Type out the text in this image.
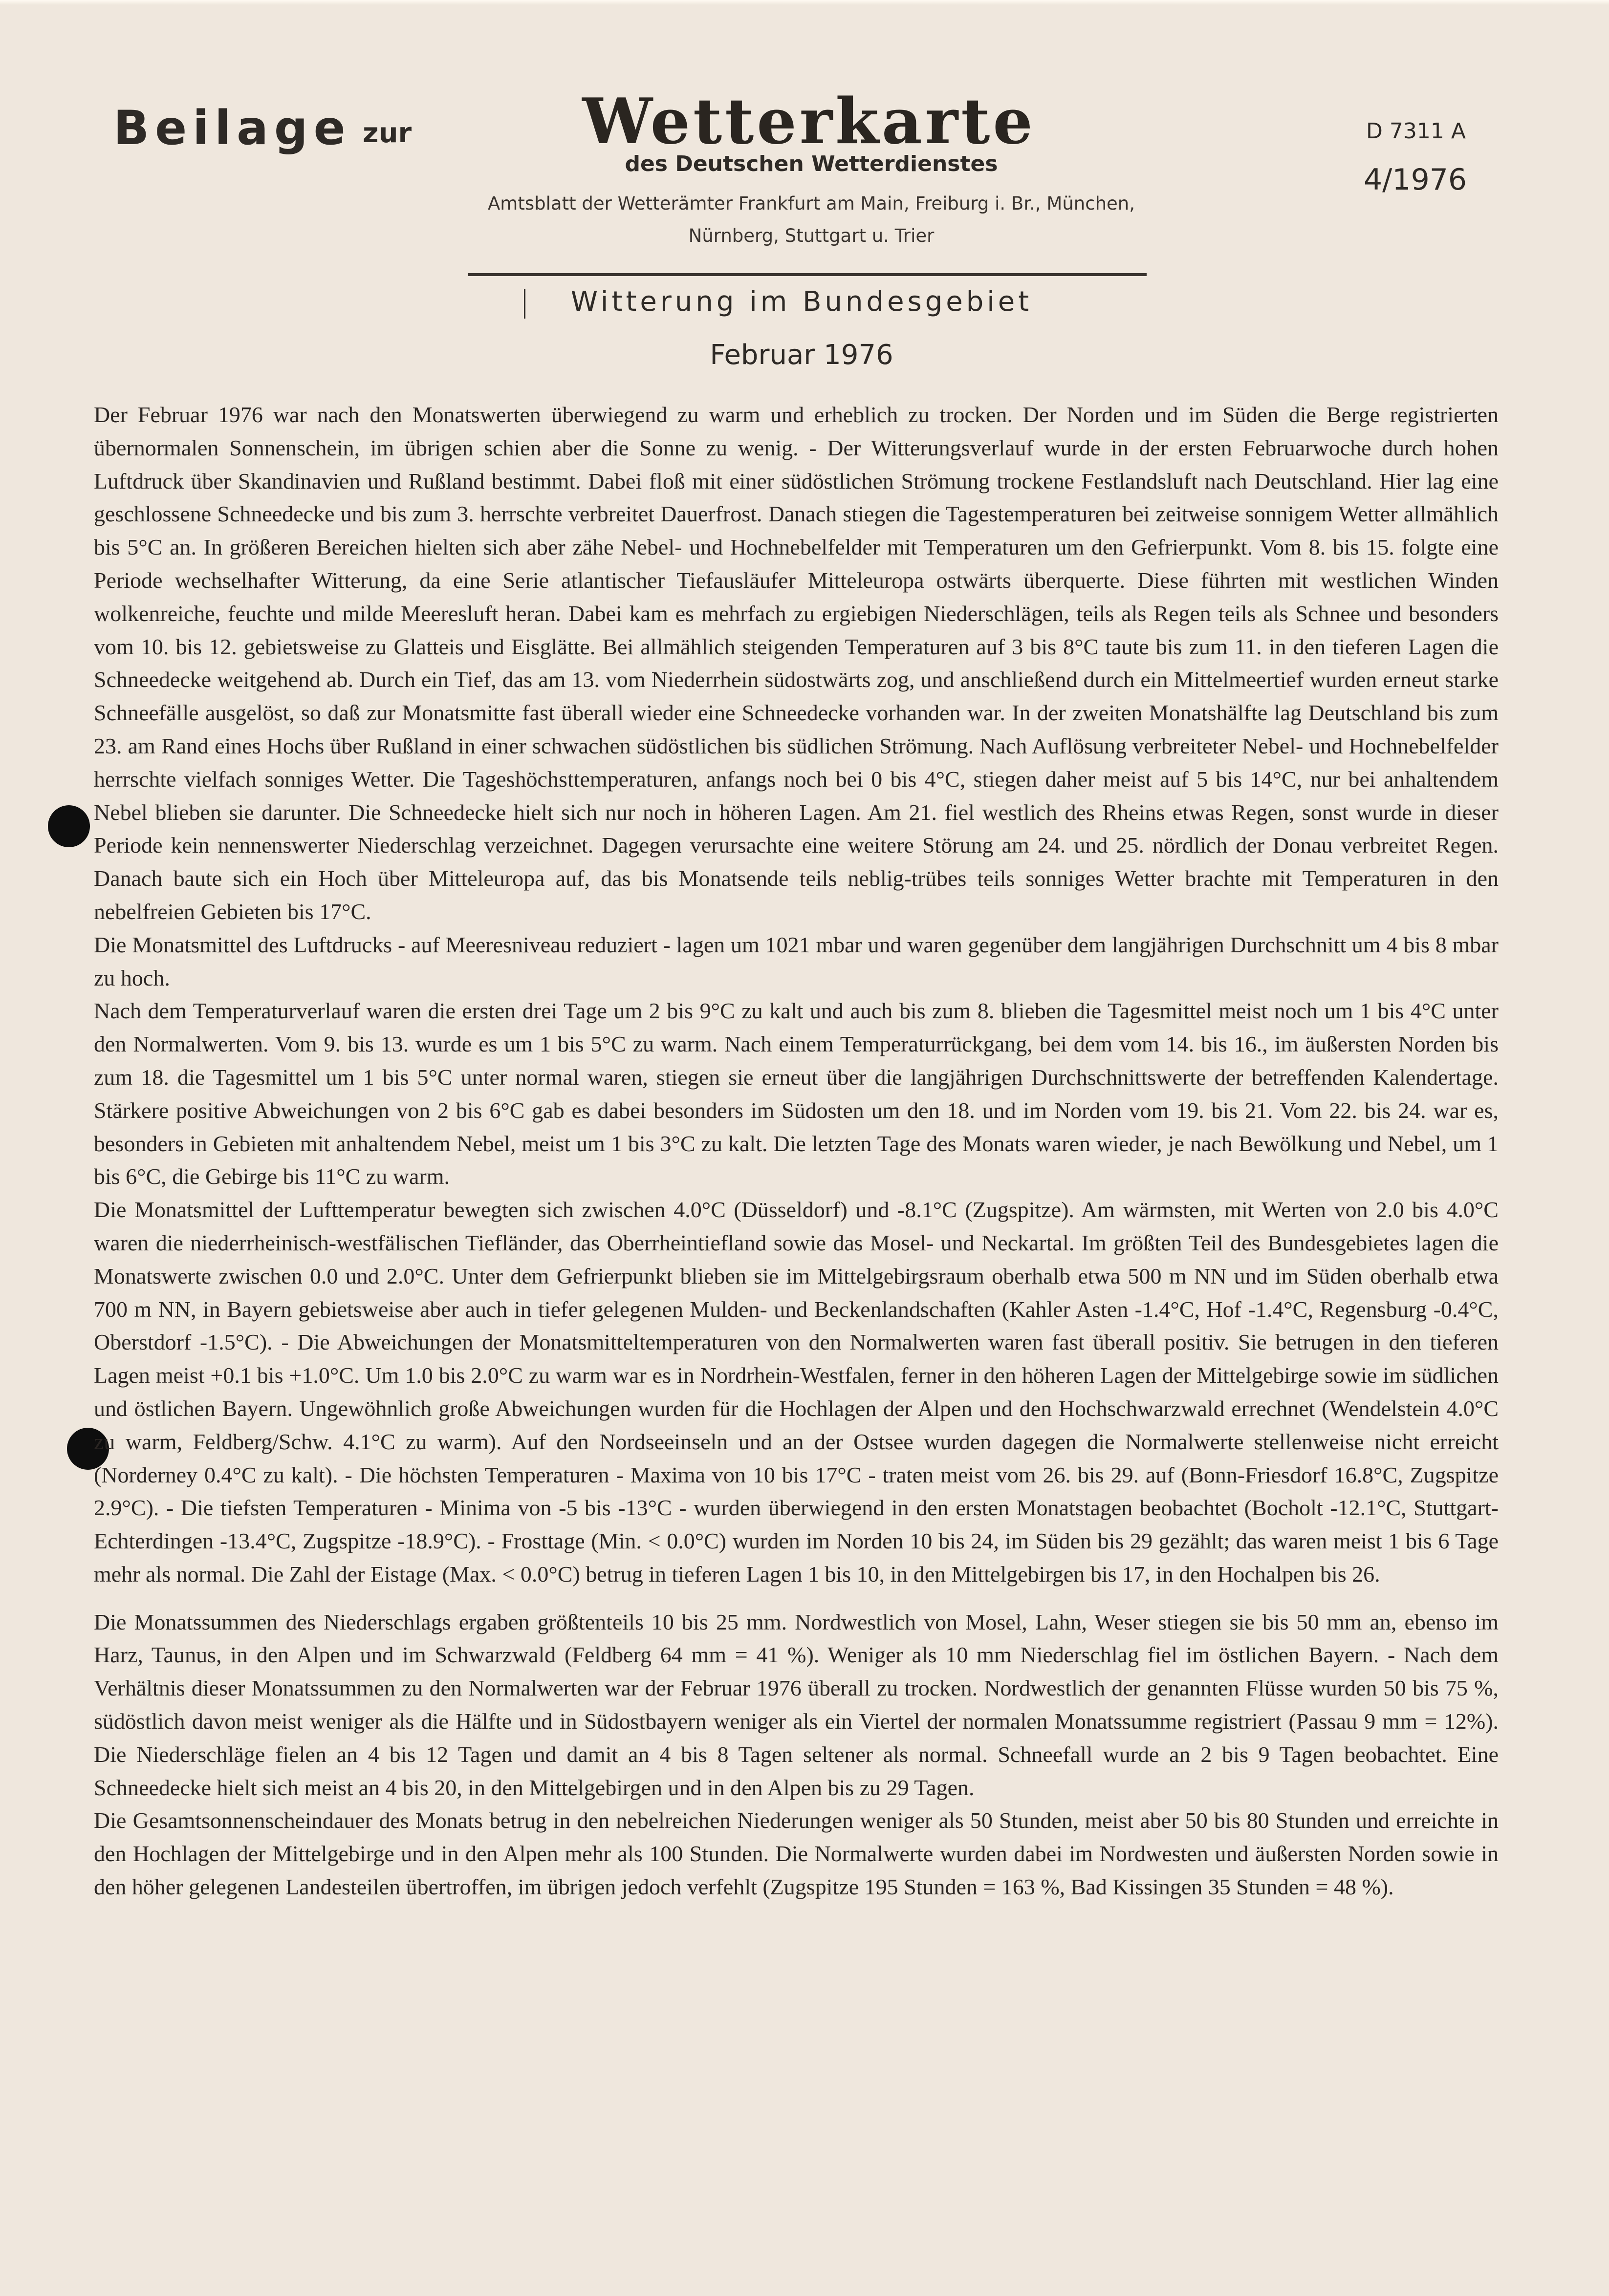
Beilage zur	Wetterkarte
des Deutschen Wetterdienstes
Amtsblatt der Wetterämter Frankfurt am Main, Freiburg i. Br., München,
Nürnberg, Stuttgart u. Trier
D 7311 A
4/1976
Witterung im Bundesgebiet
Februar 1976

Der Februar 1976 war nach den Monatswerten überwiegend zu warm und erheblich zu trocken. Der Norden und im Süden die Berge registrierten übernormalen Sonnenschein, im übrigen schien aber die Sonne zu wenig. - Der Witterungsverlauf wurde in der ersten Februarwoche durch hohen Luftdruck über Skandinavien und Rußland bestimmt. Dabei floß mit einer südöstlichen Strömung trockene Festlandsluft nach Deutschland. Hier lag eine geschlossene Schneedecke und bis zum 3. herrschte verbreitet Dauerfrost. Danach stiegen die Tagestemperaturen bei zeitweise sonnigem Wetter allmählich bis 5°C an. In größeren Bereichen hielten sich aber zähe Nebel- und Hochnebelfelder mit Temperaturen um den Gefrierpunkt. Vom 8. bis 15. folgte eine Periode wechselhafter Witterung, da eine Serie atlantischer Tiefausläufer Mitteleuropa ostwärts überquerte. Diese führten mit westlichen Winden wolkenreiche, feuchte und milde Meeresluft heran. Dabei kam es mehrfach zu ergiebigen Niederschlägen, teils als Regen teils als Schnee und besonders vom 10. bis 12. gebietsweise zu Glatteis und Eisglätte. Bei allmählich steigenden Temperaturen auf 3 bis 8°C taute bis zum 11. in den tieferen Lagen die Schneedecke weitgehend ab. Durch ein Tief, das am 13. vom Niederrhein südostwärts zog, und anschließend durch ein Mittelmeertief wurden erneut starke Schneefälle ausgelöst, so daß zur Monatsmitte fast überall wieder eine Schneedecke vorhanden war. In der zweiten Monatshälfte lag Deutschland bis zum 23. am Rand eines Hochs über Rußland in einer schwachen südöstlichen bis südlichen Strömung. Nach Auflösung verbreiteter Nebel- und Hochnebelfelder herrschte vielfach sonniges Wetter. Die Tageshöchsttemperaturen, anfangs noch bei 0 bis 4°C, stiegen daher meist auf 5 bis 14°C, nur bei anhaltendem Nebel blieben sie darunter. Die Schneedecke hielt sich nur noch in höheren Lagen. Am 21. fiel westlich des Rheins etwas Regen, sonst wurde in dieser Periode kein nennenswerter Niederschlag verzeichnet. Dagegen verursachte eine weitere Störung am 24. und 25. nördlich der Donau verbreitet Regen. Danach baute sich ein Hoch über Mitteleuropa auf, das bis Monatsende teils neblig-trübes teils sonniges Wetter brachte mit Temperaturen in den nebelfreien Gebieten bis 17°C.

Die Monatsmittel des Luftdrucks - auf Meeresniveau reduziert - lagen um 1021 mbar und waren gegenüber dem langjährigen Durchschnitt um 4 bis 8 mbar zu hoch.

Nach dem Temperaturverlauf waren die ersten drei Tage um 2 bis 9°C zu kalt und auch bis zum 8. blieben die Tagesmittel meist noch um 1 bis 4°C unter den Normalwerten. Vom 9. bis 13. wurde es um 1 bis 5°C zu warm. Nach einem Temperaturrückgang, bei dem vom 14. bis 16., im äußersten Norden bis zum 18. die Tagesmittel um 1 bis 5°C unter normal waren, stiegen sie erneut über die langjährigen Durchschnittswerte der betreffenden Kalendertage. Stärkere positive Abweichungen von 2 bis 6°C gab es dabei besonders im Südosten um den 18. und im Norden vom 19. bis 21. Vom 22. bis 24. war es, besonders in Gebieten mit anhaltendem Nebel, meist um 1 bis 3°C zu kalt. Die letzten Tage des Monats waren wieder, je nach Bewölkung und Nebel, um 1 bis 6°C, die Gebirge bis 11°C zu warm.

Die Monatsmittel der Lufttemperatur bewegten sich zwischen 4.0°C (Düsseldorf) und -8.1°C (Zugspitze). Am wärmsten, mit Werten von 2.0 bis 4.0°C waren die niederrheinisch-westfälischen Tiefländer, das Oberrheintiefland sowie das Mosel- und Neckartal. Im größten Teil des Bundesgebietes lagen die Monatswerte zwischen 0.0 und 2.0°C. Unter dem Gefrierpunkt blieben sie im Mittelgebirgsraum oberhalb etwa 500 m NN und im Süden oberhalb etwa 700 m NN, in Bayern gebietsweise aber auch in tiefer gelegenen Mulden- und Beckenlandschaften (Kahler Asten -1.4°C, Hof -1.4°C, Regensburg -0.4°C, Oberstdorf -1.5°C). - Die Abweichungen der Monatsmitteltemperaturen von den Normalwerten waren fast überall positiv. Sie betrugen in den tieferen Lagen meist +0.1 bis +1.0°C. Um 1.0 bis 2.0°C zu warm war es in Nordrhein-Westfalen, ferner in den höheren Lagen der Mittelgebirge sowie im südlichen und östlichen Bayern. Ungewöhnlich große Abweichungen wurden für die Hochlagen der Alpen und den Hochschwarzwald errechnet (Wendelstein 4.0°C zu warm, Feldberg/Schw. 4.1°C zu warm). Auf den Nordseeinseln und an der Ostsee wurden dagegen die Normalwerte stellenweise nicht erreicht (Norderney 0.4°C zu kalt). - Die höchsten Temperaturen - Maxima von 10 bis 17°C - traten meist vom 26. bis 29. auf (Bonn-Friesdorf 16.8°C, Zugspitze 2.9°C). - Die tiefsten Temperaturen - Minima von -5 bis -13°C - wurden überwiegend in den ersten Monatstagen beobachtet (Bocholt -12.1°C, Stuttgart-Echterdingen -13.4°C, Zugspitze -18.9°C). - Frosttage (Min. < 0.0°C) wurden im Norden 10 bis 24, im Süden bis 29 gezählt; das waren meist 1 bis 6 Tage mehr als normal. Die Zahl der Eistage (Max. < 0.0°C) betrug in tieferen Lagen 1 bis 10, in den Mittelgebirgen bis 17, in den Hochalpen bis 26.

Die Monatssummen des Niederschlags ergaben größtenteils 10 bis 25 mm. Nordwestlich von Mosel, Lahn, Weser stiegen sie bis 50 mm an, ebenso im Harz, Taunus, in den Alpen und im Schwarzwald (Feldberg 64 mm = 41 %). Weniger als 10 mm Niederschlag fiel im östlichen Bayern. - Nach dem Verhältnis dieser Monatssummen zu den Normalwerten war der Februar 1976 überall zu trocken. Nordwestlich der genannten Flüsse wurden 50 bis 75 %, südöstlich davon meist weniger als die Hälfte und in Südostbayern weniger als ein Viertel der normalen Monatssumme registriert (Passau 9 mm = 12%). Die Niederschläge fielen an 4 bis 12 Tagen und damit an 4 bis 8 Tagen seltener als normal. Schneefall wurde an 2 bis 9 Tagen beobachtet. Eine Schneedecke hielt sich meist an 4 bis 20, in den Mittelgebirgen und in den Alpen bis zu 29 Tagen.

Die Gesamtsonnenscheindauer des Monats betrug in den nebelreichen Niederungen weniger als 50 Stunden, meist aber 50 bis 80 Stunden und erreichte in den Hochlagen der Mittelgebirge und in den Alpen mehr als 100 Stunden. Die Normalwerte wurden dabei im Nordwesten und äußersten Norden sowie in den höher gelegenen Landesteilen übertroffen, im übrigen jedoch verfehlt (Zugspitze 195 Stunden = 163 %, Bad Kissingen 35 Stunden = 48 %).
